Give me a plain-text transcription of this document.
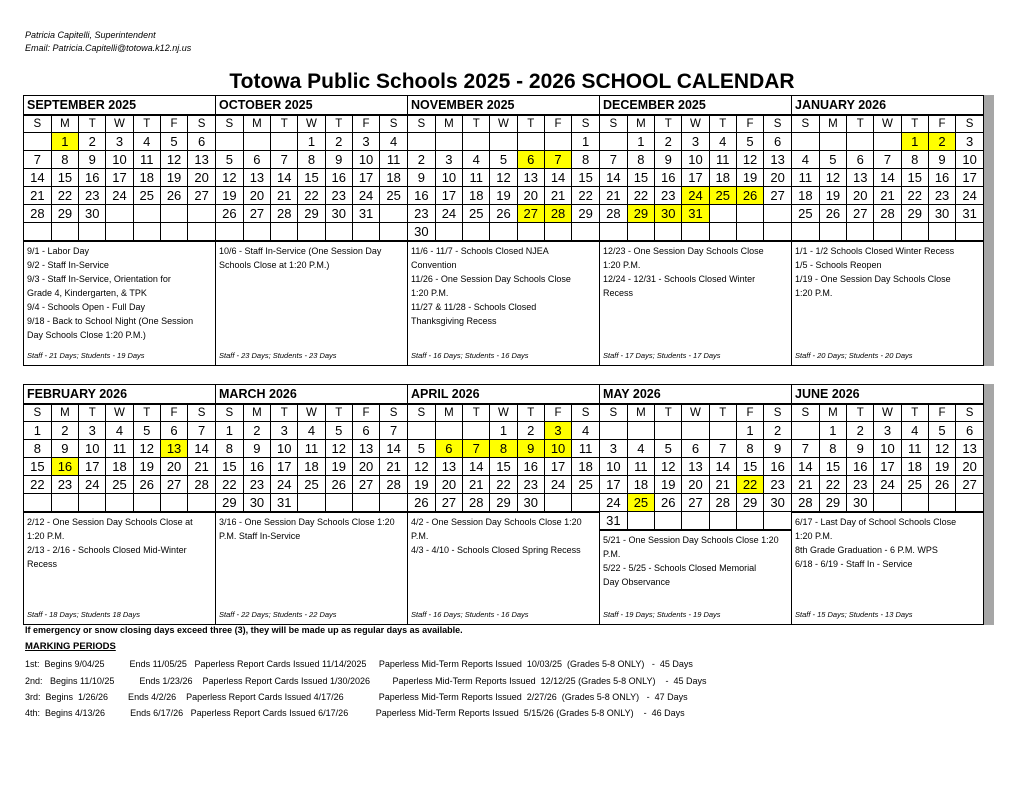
Patricia Capitelli, Superintendent
Email: Patricia.Capitelli@totowa.k12.nj.us
Totowa Public Schools 2025 - 2026 SCHOOL CALENDAR
SEPTEMBER 2025
S	M	T	W	T	F	S
	1	2	3	4	5	6
7	8	9	10	11	12	13
14	15	16	17	18	19	20
21	22	23	24	25	26	27
28	29	30				

9/1 - Labor Day
9/2 - Staff In-Service
9/3 - Staff In-Service, Orientation for
Grade 4, Kindergarten, & TPK
9/4 - Schools Open - Full Day
9/18 - Back to School Night (One Session
Day Schools Close 1:20 P.M.)
Staff - 21 Days; Students - 19 Days
OCTOBER 2025
S	M	T	W	T	F	S
			1	2	3	4
5	6	7	8	9	10	11
12	13	14	15	16	17	18
19	20	21	22	23	24	25
26	27	28	29	30	31	

10/6 - Staff In-Service (One Session Day
Schools Close at 1:20 P.M.)
Staff - 23 Days; Students - 23 Days
NOVEMBER 2025
S	M	T	W	T	F	S
						1
2	3	4	5	6	7	8
9	10	11	12	13	14	15
16	17	18	19	20	21	22
23	24	25	26	27	28	29
30						
11/6 - 11/7 - Schools Closed NJEA
Convention
11/26 - One Session Day Schools Close
1:20 P.M.
11/27 & 11/28 - Schools Closed
Thanksgiving Recess
Staff - 16 Days; Students - 16 Days
DECEMBER 2025
S	M	T	W	T	F	S
	1	2	3	4	5	6
7	8	9	10	11	12	13
14	15	16	17	18	19	20
21	22	23	24	25	26	27
28	29	30	31			

12/23 - One Session Day Schools Close
1:20 P.M.
12/24 - 12/31 - Schools Closed Winter
Recess
Staff - 17 Days; Students - 17 Days
JANUARY 2026
S	M	T	W	T	F	S
				1	2	3
4	5	6	7	8	9	10
11	12	13	14	15	16	17
18	19	20	21	22	23	24
25	26	27	28	29	30	31

1/1 - 1/2 Schools Closed Winter Recess
1/5 - Schools Reopen
1/19 - One Session Day Schools Close
1:20 P.M.
Staff - 20 Days; Students - 20 Days
FEBRUARY 2026
S	M	T	W	T	F	S
1	2	3	4	5	6	7
8	9	10	11	12	13	14
15	16	17	18	19	20	21
22	23	24	25	26	27	28

2/12 - One Session Day Schools Close at
1:20 P.M.
2/13 - 2/16 - Schools Closed Mid-Winter
Recess
Staff - 18 Days; Students 18 Days
MARCH 2026
S	M	T	W	T	F	S
1	2	3	4	5	6	7
8	9	10	11	12	13	14
15	16	17	18	19	20	21
22	23	24	25	26	27	28
29	30	31				
3/16 - One Session Day Schools Close 1:20
P.M. Staff In-Service
Staff - 22 Days; Students - 22 Days
APRIL 2026
S	M	T	W	T	F	S
			1	2	3	4
5	6	7	8	9	10	11
12	13	14	15	16	17	18
19	20	21	22	23	24	25
26	27	28	29	30		
4/2 - One Session Day Schools Close 1:20
P.M.
4/3 - 4/10 - Schools Closed Spring Recess
Staff - 16 Days; Students - 16 Days
MAY 2026
S	M	T	W	T	F	S
					1	2
3	4	5	6	7	8	9
10	11	12	13	14	15	16
17	18	19	20	21	22	23
24	25	26	27	28	29	30
31						
5/21 - One Session Day Schools Close 1:20
P.M.
5/22 - 5/25 - Schools Closed Memorial
Day Observance
Staff - 19 Days; Students - 19 Days
JUNE 2026
S	M	T	W	T	F	S
	1	2	3	4	5	6
7	8	9	10	11	12	13
14	15	16	17	18	19	20
21	22	23	24	25	26	27
28	29	30				
6/17 - Last Day of School Schools Close
1:20 P.M.
8th Grade Graduation - 6 P.M. WPS
6/18 - 6/19 - Staff In - Service
Staff - 15 Days; Students - 13 Days
If emergency or snow closing days exceed three (3), they will be made up as regular days as available.
MARKING PERIODS
1st:  Begins 9/04/25          Ends 11/05/25   Paperless Report Cards Issued 11/14/2025     Paperless Mid-Term Reports Issued  10/03/25  (Grades 5-8 ONLY)   -  45 Days
2nd:   Begins 11/10/25          Ends 1/23/26    Paperless Report Cards Issued 1/30/2026         Paperless Mid-Term Reports Issued  12/12/25 (Grades 5-8 ONLY)    -  45 Days
3rd:  Begins  1/26/26        Ends 4/2/26    Paperless Report Cards Issued 4/17/26              Paperless Mid-Term Reports Issued  2/27/26  (Grades 5-8 ONLY)   -  47 Days
4th:  Begins 4/13/26          Ends 6/17/26   Paperless Report Cards Issued 6/17/26           Paperless Mid-Term Reports Issued  5/15/26 (Grades 5-8 ONLY)    -  46 Days
